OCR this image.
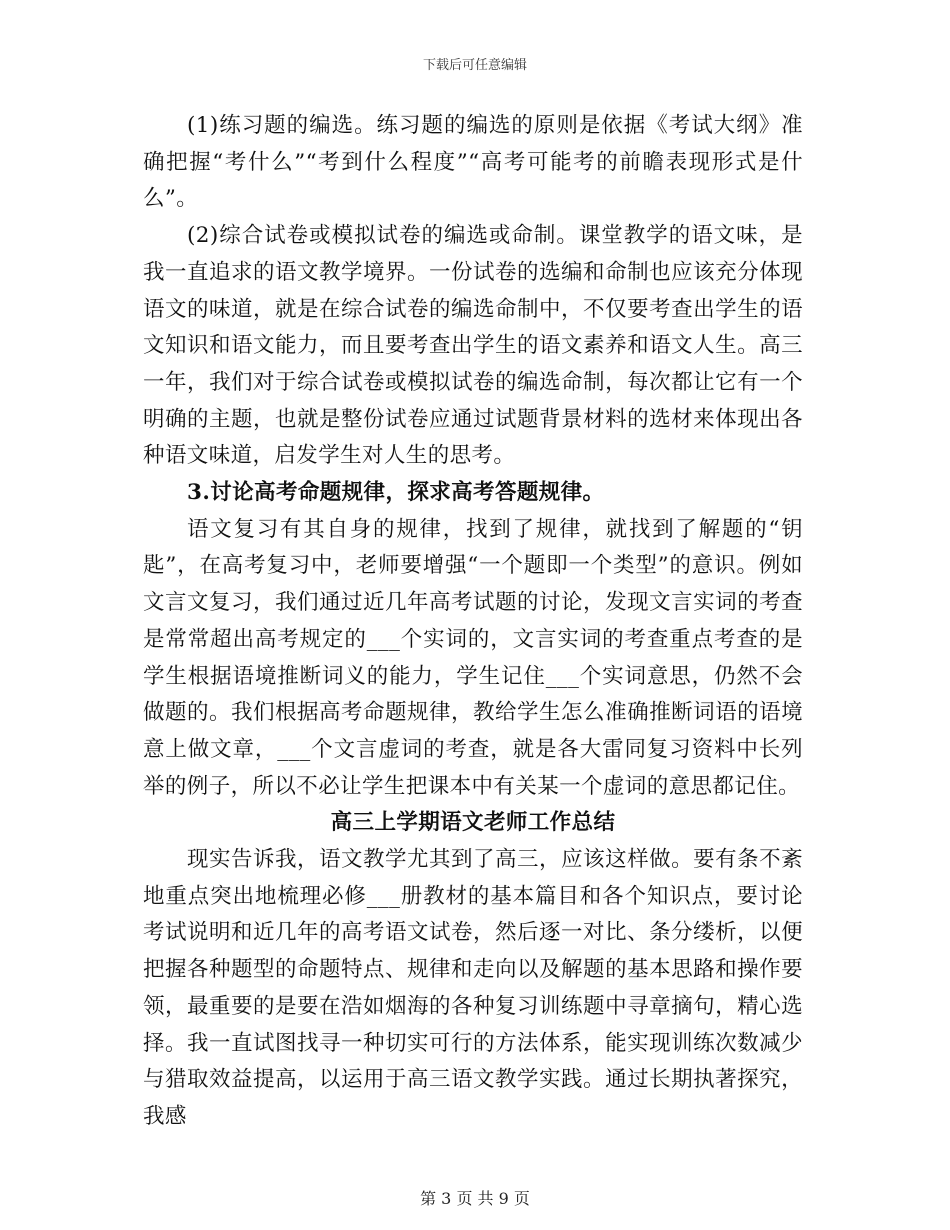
下载后可任意编辑

(1)练习题的编选。练习题的编选的原则是依据《考试大纲》准确把握“考什么”“考到什么程度”“高考可能考的前瞻表现形式是什么”。

(2)综合试卷或模拟试卷的编选或命制。课堂教学的语文味，是我一直追求的语文教学境界。一份试卷的选编和命制也应该充分体现语文的味道，就是在综合试卷的编选命制中，不仅要考查出学生的语文知识和语文能力，而且要考查出学生的语文素养和语文人生。高三一年，我们对于综合试卷或模拟试卷的编选命制，每次都让它有一个明确的主题，也就是整份试卷应通过试题背景材料的选材来体现出各种语文味道，启发学生对人生的思考。

3.讨论高考命题规律，探求高考答题规律。

语文复习有其自身的规律，找到了规律，就找到了解题的“钥匙”，在高考复习中，老师要增强“一个题即一个类型”的意识。例如文言文复习，我们通过近几年高考试题的讨论，发现文言实词的考查是常常超出高考规定的___个实词的，文言实词的考查重点考查的是学生根据语境推断词义的能力，学生记住___个实词意思，仍然不会做题的。我们根据高考命题规律，教给学生怎么准确推断词语的语境意上做文章，___个文言虚词的考查，就是各大雷同复习资料中长列举的例子，所以不必让学生把课本中有关某一个虚词的意思都记住。

高三上学期语文老师工作总结

现实告诉我，语文教学尤其到了高三，应该这样做。要有条不紊地重点突出地梳理必修___册教材的基本篇目和各个知识点，要讨论考试说明和近几年的高考语文试卷，然后逐一对比、条分缕析，以便把握各种题型的命题特点、规律和走向以及解题的基本思路和操作要领，最重要的是要在浩如烟海的各种复习训练题中寻章摘句，精心选择。我一直试图找寻一种切实可行的方法体系，能实现训练次数减少与猎取效益提高，以运用于高三语文教学实践。通过长期执著探究，我感

第 3 页 共 9 页
